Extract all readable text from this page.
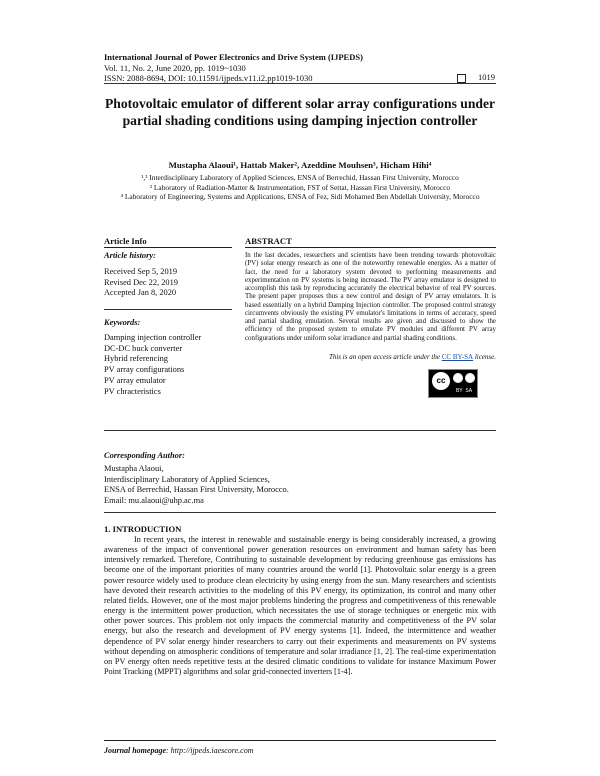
International Journal of Power Electronics and Drive System (IJPEDS)
Vol. 11, No. 2, June 2020, pp. 1019~1030
ISSN: 2088-8694, DOI: 10.11591/ijpeds.v11.i2.pp1019-1030	1019
Photovoltaic emulator of different solar array configurations under partial shading conditions using damping injection controller
Mustapha Alaoui¹, Hattab Maker², Azeddine Mouhsen³, Hicham Hihi⁴
¹,³ Interdisciplinary Laboratory of Applied Sciences, ENSA of Berrechid, Hassan First University, Morocco
² Laboratory of Radiation-Matter & Instrumentation, FST of Settat, Hassan First University, Morocco
⁴ Laboratory of Engineering, Systems and Applications, ENSA of Fez, Sidi Mohamed Ben Abdellah University, Morocco
Article Info	ABSTRACT
Article history:
Received Sep 5, 2019
Revised Dec 22, 2019
Accepted Jan 8, 2020
Keywords:
Damping injection controller
DC-DC buck converter
Hybrid referencing
PV array configurations
PV array emulator
PV chracteristics
In the last decades, researchers and scientists have been trending towards photovoltaic (PV) solar energy research as one of the noteworthy renewable energies. As a matter of fact, the need for a laboratory system devoted to performing measurements and experimentation on PV systems is being increased. The PV array emulator is designed to accomplish this task by reproducing accurately the electrical behavior of real PV sources. The present paper proposes thus a new control and design of PV array emulators. It is based essentially on a hybrid Damping Injection controller. The proposed control strategy circumvents obviously the existing PV emulator's limitations in terms of accuracy, speed and partial shading emulation. Several results are given and discussed to show the efficiency of the proposed system to emulate PV modules and different PV array configurations under uniform solar irradiance and partial shading conditions.
This is an open access article under the CC BY-SA license.
cc
BY SA
Corresponding Author:
Mustapha Alaoui,
Interdisciplinary Laboratory of Applied Sciences,
ENSA of Berrechid, Hassan First University, Morocco.
Email: mu.alaoui@uhp.ac.ma
1. INTRODUCTION
In recent years, the interest in renewable and sustainable energy is being considerably increased, a growing awareness of the impact of conventional power generation resources on environment and human safety has been intensively remarked. Therefore, Contributing to sustainable development by reducing greenhouse gas emissions has become one of the important priorities of many countries around the world [1]. Photovoltaic solar energy is a green power resource widely used to produce clean electricity by using energy from the sun. Many researchers and scientists have devoted their research activities to the modeling of this PV energy, its optimization, its control and many other related fields. However, one of the most major problems hindering the progress and competitiveness of this renewable energy is the intermittent power production, which necessitates the use of storage techniques or energetic mix with other power sources. This problem not only impacts the commercial maturity and competitiveness of the PV solar energy, but also the research and development of PV energy systems [1]. Indeed, the intermittence and weather dependence of PV solar energy hinder researchers to carry out their experiments and measurements on PV systems without depending on atmospheric conditions of temperature and solar irradiance [1, 2]. The real-time experimentation on PV energy often needs repetitive tests at the desired climatic conditions to validate for instance Maximum Power Point Tracking (MPPT) algorithms and solar grid-connected inverters [1-4].
Journal homepage: http://ijpeds.iaescore.com
